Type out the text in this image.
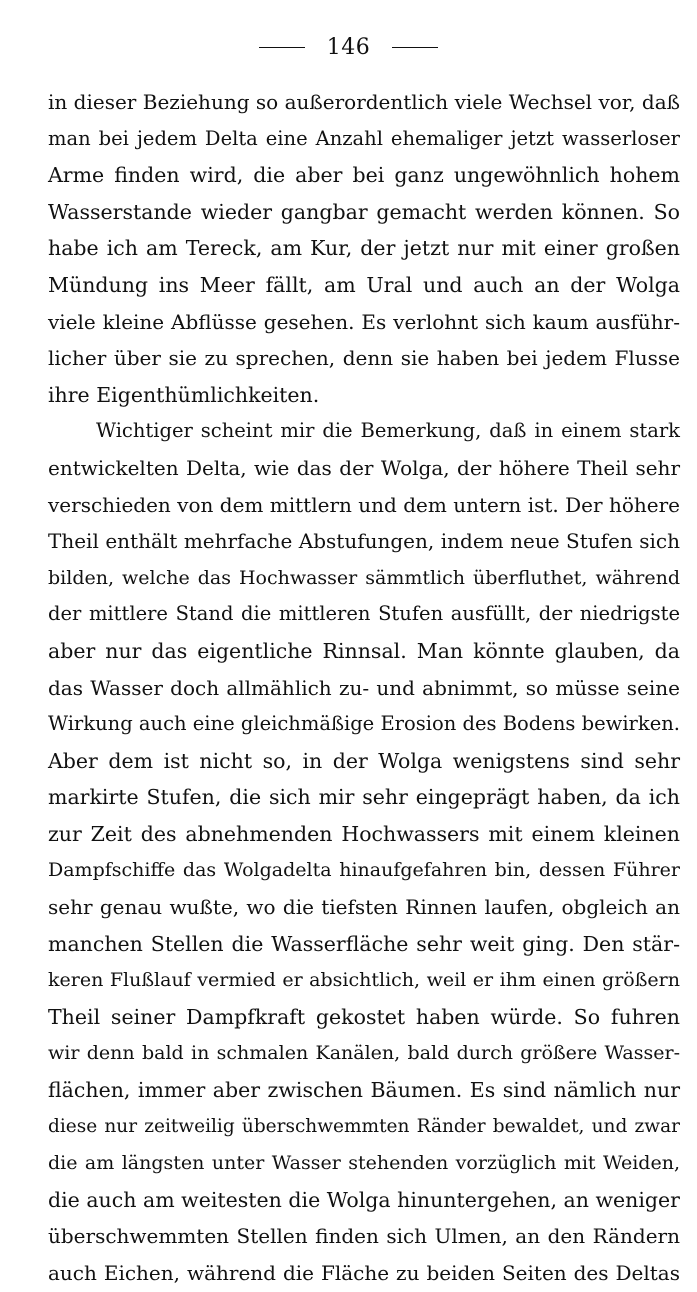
146
in dieser Beziehung so außerordentlich viele Wechsel vor, daß
man bei jedem Delta eine Anzahl ehemaliger jetzt wasserloser
Arme finden wird, die aber bei ganz ungewöhnlich hohem
Wasserstande wieder gangbar gemacht werden können. So
habe ich am Tereck, am Kur, der jetzt nur mit einer großen
Mündung ins Meer fällt, am Ural und auch an der Wolga
viele kleine Abflüsse gesehen. Es verlohnt sich kaum ausführ-
licher über sie zu sprechen, denn sie haben bei jedem Flusse
ihre Eigenthümlichkeiten.
Wichtiger scheint mir die Bemerkung, daß in einem stark
entwickelten Delta, wie das der Wolga, der höhere Theil sehr
verschieden von dem mittlern und dem untern ist. Der höhere
Theil enthält mehrfache Abstufungen, indem neue Stufen sich
bilden, welche das Hochwasser sämmtlich überfluthet, während
der mittlere Stand die mittleren Stufen ausfüllt, der niedrigste
aber nur das eigentliche Rinnsal. Man könnte glauben, da
das Wasser doch allmählich zu- und abnimmt, so müsse seine
Wirkung auch eine gleichmäßige Erosion des Bodens bewirken.
Aber dem ist nicht so, in der Wolga wenigstens sind sehr
markirte Stufen, die sich mir sehr eingeprägt haben, da ich
zur Zeit des abnehmenden Hochwassers mit einem kleinen
Dampfschiffe das Wolgadelta hinaufgefahren bin, dessen Führer
sehr genau wußte, wo die tiefsten Rinnen laufen, obgleich an
manchen Stellen die Wasserfläche sehr weit ging. Den stär-
keren Flußlauf vermied er absichtlich, weil er ihm einen größern
Theil seiner Dampfkraft gekostet haben würde. So fuhren
wir denn bald in schmalen Kanälen, bald durch größere Wasser-
flächen, immer aber zwischen Bäumen. Es sind nämlich nur
diese nur zeitweilig überschwemmten Ränder bewaldet, und zwar
die am längsten unter Wasser stehenden vorzüglich mit Weiden,
die auch am weitesten die Wolga hinuntergehen, an weniger
überschwemmten Stellen finden sich Ulmen, an den Rändern
auch Eichen, während die Fläche zu beiden Seiten des Deltas
